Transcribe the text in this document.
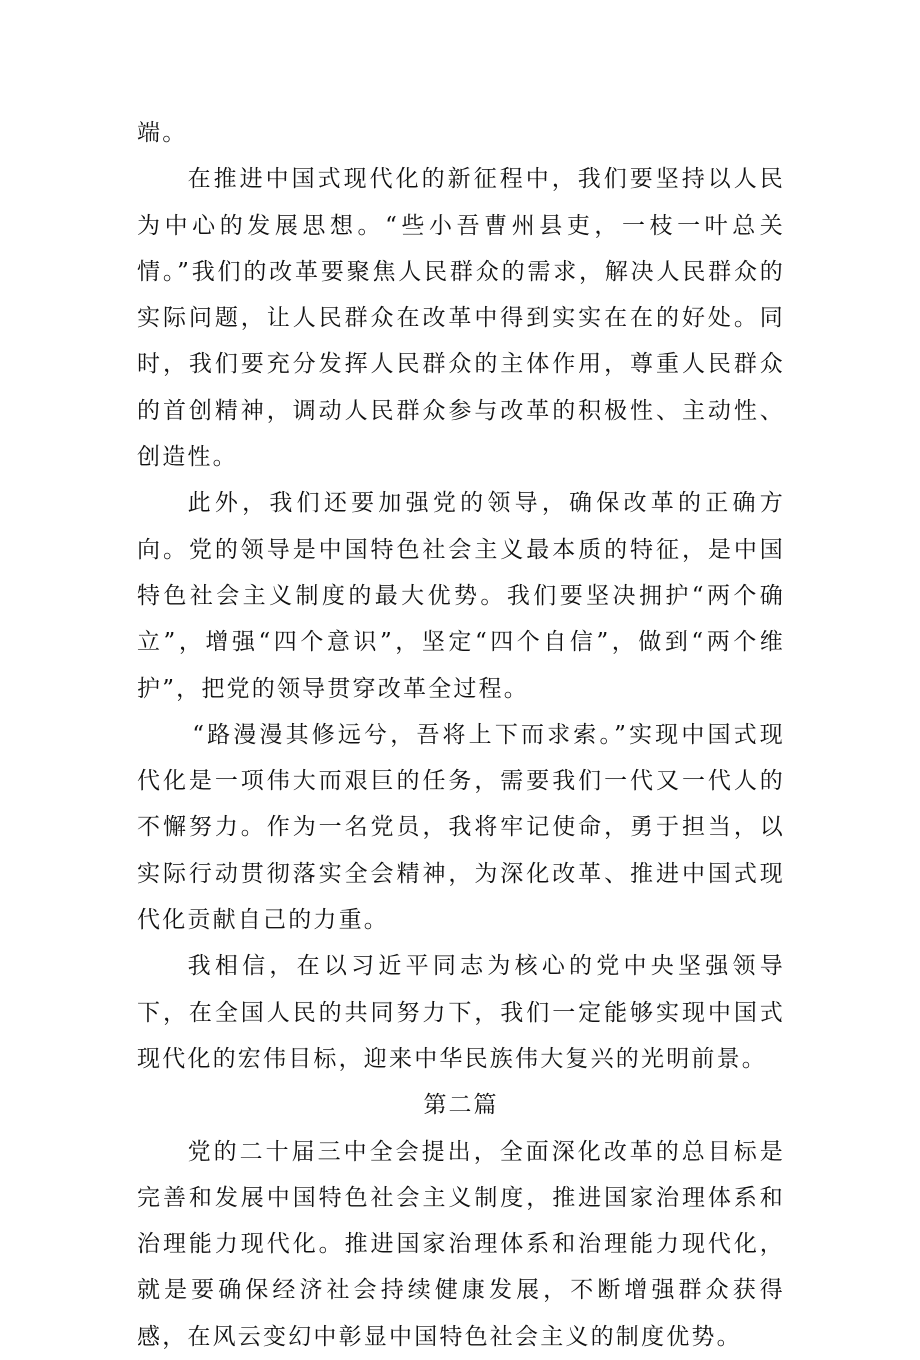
端。

在推进中国式现代化的新征程中，我们要坚持以人民为中心的发展思想。“些小吾曹州县吏，一枝一叶总关情。”我们的改革要聚焦人民群众的需求，解决人民群众的实际问题，让人民群众在改革中得到实实在在的好处。同时，我们要充分发挥人民群众的主体作用，尊重人民群众的首创精神，调动人民群众参与改革的积极性、主动性、创造性。

此外，我们还要加强党的领导，确保改革的正确方向。党的领导是中国特色社会主义最本质的特征，是中国特色社会主义制度的最大优势。我们要坚决拥护“两个确立”，增强“四个意识”，坚定“四个自信”，做到“两个维护”，把党的领导贯穿改革全过程。

“路漫漫其修远兮，吾将上下而求索。”实现中国式现代化是一项伟大而艰巨的任务，需要我们一代又一代人的不懈努力。作为一名党员，我将牢记使命，勇于担当，以实际行动贯彻落实全会精神，为深化改革、推进中国式现代化贡献自己的力重。

我相信，在以习近平同志为核心的党中央坚强领导下，在全国人民的共同努力下，我们一定能够实现中国式现代化的宏伟目标，迎来中华民族伟大复兴的光明前景。

第二篇

党的二十届三中全会提出，全面深化改革的总目标是完善和发展中国特色社会主义制度，推进国家治理体系和治理能力现代化。推进国家治理体系和治理能力现代化，就是要确保经济社会持续健康发展，不断增强群众获得感，在风云变幻中彰显中国特色社会主义的制度优势。
